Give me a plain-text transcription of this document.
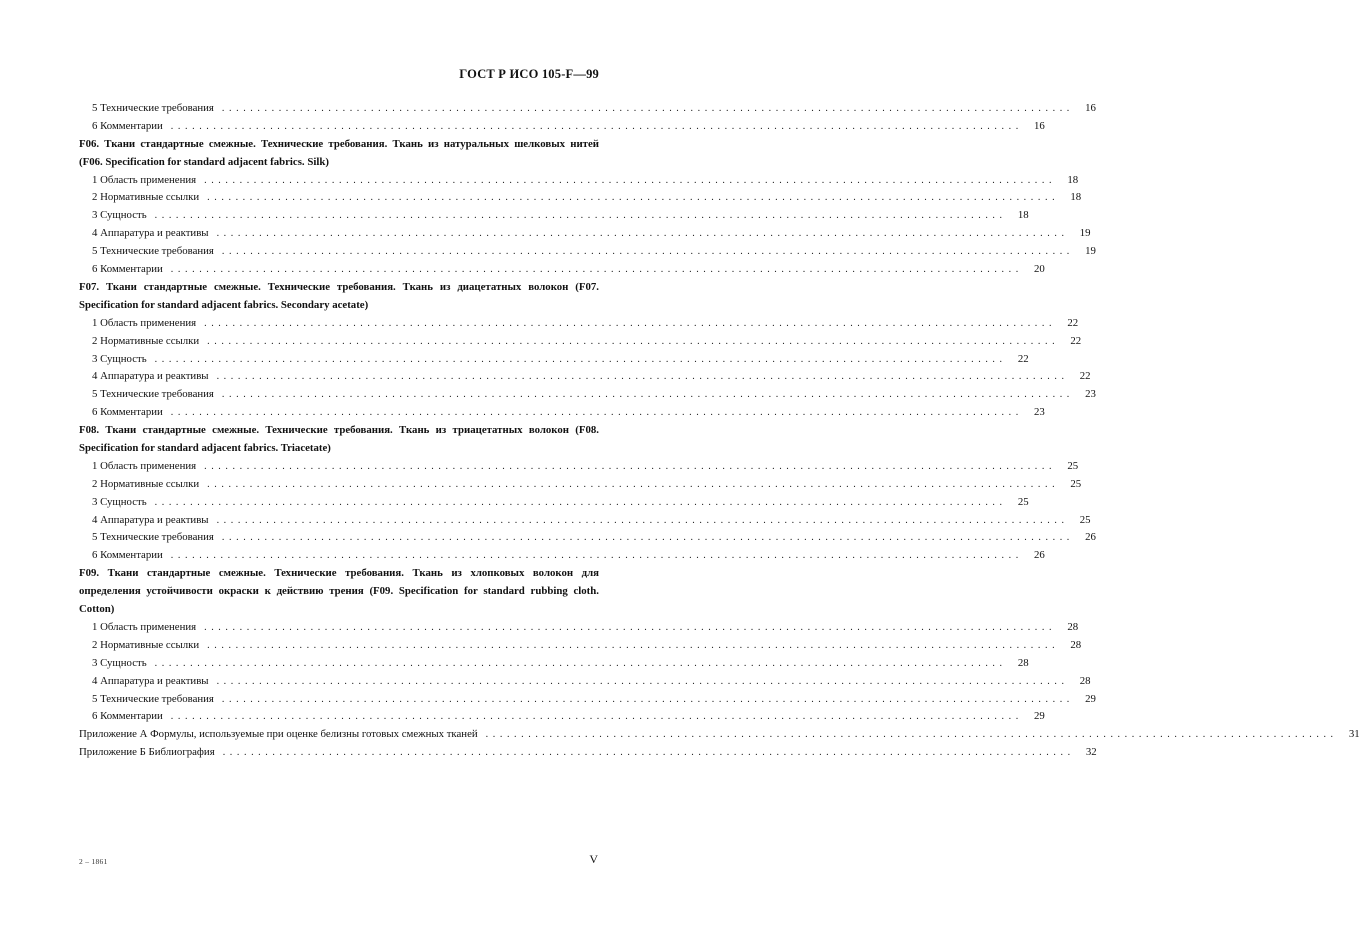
ГОСТ Р ИСО 105-F—99
5 Технические требования ........................................................................................................................	16
6 Комментарии ........................................................................................................................	16
F06. Ткани стандартные смежные. Технические требования. Ткань из натуральных шелковых нитей (F06. Specification for standard adjacent fabrics. Silk)
1 Область применения ........................................................................................................................	18
2 Нормативные ссылки ........................................................................................................................	18
3 Сущность ........................................................................................................................	18
4 Аппаратура и реактивы ........................................................................................................................	19
5 Технические требования ........................................................................................................................	19
6 Комментарии ........................................................................................................................	20
F07. Ткани стандартные смежные. Технические требования. Ткань из диацетатных волокон (F07. Specification for standard adjacent fabrics. Secondary acetate)
1 Область применения ........................................................................................................................	22
2 Нормативные ссылки ........................................................................................................................	22
3 Сущность ........................................................................................................................	22
4 Аппаратура и реактивы ........................................................................................................................	22
5 Технические требования ........................................................................................................................	23
6 Комментарии ........................................................................................................................	23
F08. Ткани стандартные смежные. Технические требования. Ткань из триацетатных волокон (F08. Specification for standard adjacent fabrics. Triacetate)
1 Область применения ........................................................................................................................	25
2 Нормативные ссылки ........................................................................................................................	25
3 Сущность ........................................................................................................................	25
4 Аппаратура и реактивы ........................................................................................................................	25
5 Технические требования ........................................................................................................................	26
6 Комментарии ........................................................................................................................	26
F09. Ткани стандартные смежные. Технические требования. Ткань из хлопковых волокон для определения устойчивости окраски к действию трения (F09. Specification for standard rubbing cloth. Cotton)
1 Область применения ........................................................................................................................	28
2 Нормативные ссылки ........................................................................................................................	28
3 Сущность ........................................................................................................................	28
4 Аппаратура и реактивы ........................................................................................................................	28
5 Технические требования ........................................................................................................................	29
6 Комментарии ........................................................................................................................	29
Приложение А Формулы, используемые при оценке белизны готовых смежных тканей ........................................................................................................................	31
Приложение Б Библиография ........................................................................................................................	32
2 – 1861	V
